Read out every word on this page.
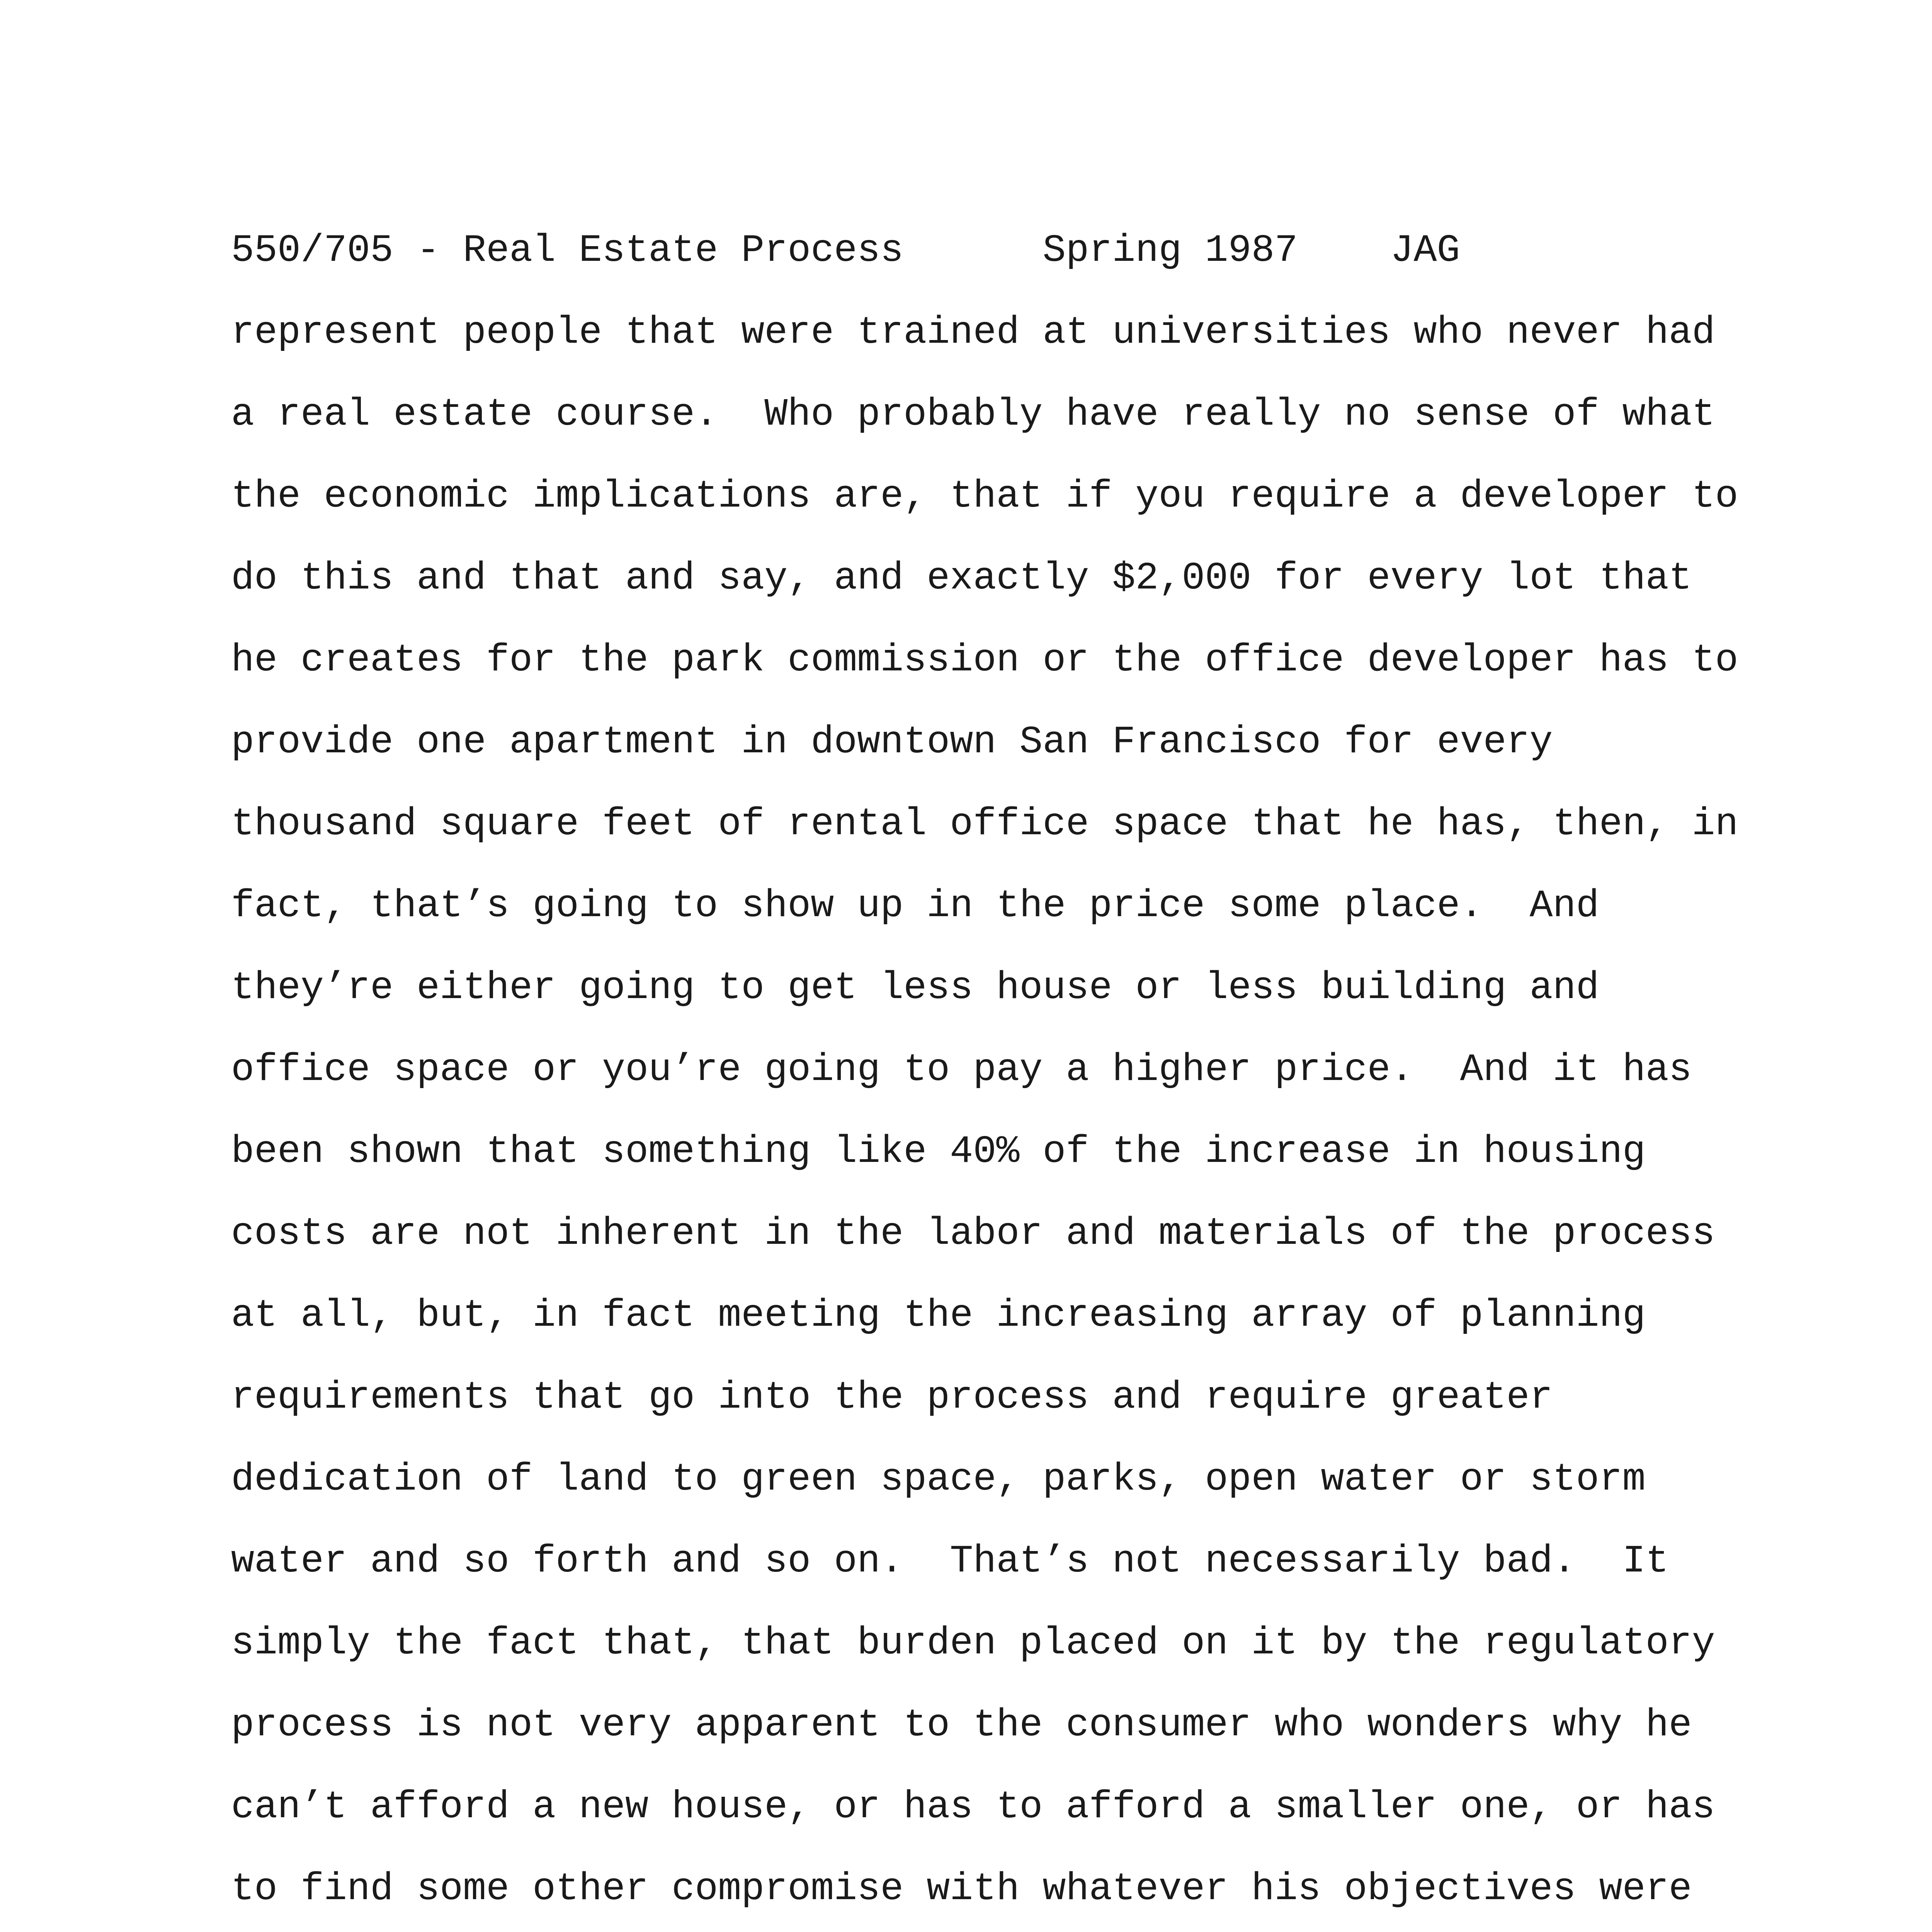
550/705 - Real Estate Process	Spring 1987 JAG
represent people that were trained at universities who never had
a real estate course.  Who probably have really no sense of what
the economic implications are, that if you require a developer to
do this and that and say, and exactly $2,000 for every lot that
he creates for the park commission or the office developer has to
provide one apartment in downtown San Francisco for every
thousand square feet of rental office space that he has, then, in
fact, that’s going to show up in the price some place.  And
they’re either going to get less house or less building and
office space or you’re going to pay a higher price.  And it has
been shown that something like 40% of the increase in housing
costs are not inherent in the labor and materials of the process
at all, but, in fact meeting the increasing array of planning
requirements that go into the process and require greater
dedication of land to green space, parks, open water or storm
water and so forth and so on.  That’s not necessarily bad.  It
simply the fact that, that burden placed on it by the regulatory
process is not very apparent to the consumer who wonders why he
can’t afford a new house, or has to afford a smaller one, or has
to find some other compromise with whatever his objectives were
